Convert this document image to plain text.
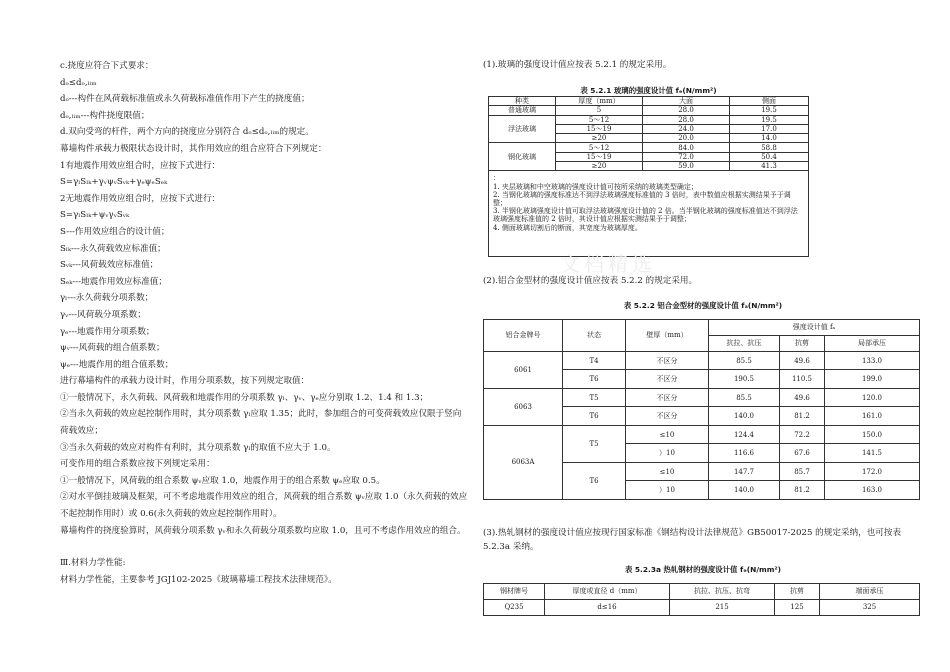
c.挠度应符合下式要求：
dₒ≤dₒ,ₗᵢₘ
dₒ---构件在风荷载标准值或永久荷载标准值作用下产生的挠度值；
dₒ,ₗᵢₘ---构件挠度限值；
d.双向受弯的杆件，两个方向的挠度应分别符合 dₒ≤dₒ,ₗᵢₘ的规定。
幕墙构件承载力极限状态设计时，其作用效应的组合应符合下列规定：
1有地震作用效应组合时，应按下式进行：
S=γₗSₗₖ+γᵥψᵥSᵥₖ+γₑψₑSₑₖ
2无地震作用效应组合时，应按下式进行：
S=γₗSₗₖ+ψᵥγᵥSᵥₖ
S---作用效应组合的设计值；
Sₗₖ---永久荷载效应标准值；
Sᵥₖ---风荷载效应标准值；
Sₑₖ---地震作用效应标准值；
γₗ---永久荷载分项系数；
γᵥ---风荷载分项系数；
γₑ---地震作用分项系数；
ψᵥ---风荷载的组合值系数；
ψₑ---地震作用的组合值系数；
进行幕墙构件的承载力设计时，作用分项系数，按下列规定取值：
①一般情况下，永久荷载、风荷载和地震作用的分项系数 γₗ、γᵥ、γₑ应分别取 1.2、1.4 和 1.3；
②当永久荷载的效应起控制作用时，其分项系数 γₗ应取 1.35；此时，参加组合的可变荷载效应仅限于竖向荷载效应；
③当永久荷载的效应对构件有利时，其分项系数 γₗ的取值不应大于 1.0。
可变作用的组合系数应按下列规定采用：
①一般情况下，风荷载的组合系数 ψᵥ应取 1.0，地震作用于的组合系数 ψₑ应取 0.5。
②对水平倒挂玻璃及框架，可不考虑地震作用效应的组合，风荷载的组合系数 ψᵥ应取 1.0（永久荷载的效应不起控制作用时）或 0.6(永久荷载的效应起控制作用时）。
幕墙构件的挠度验算时，风荷载分项系数 γᵥ和永久荷载分项系数均应取 1.0，且可不考虑作用效应的组合。
Ⅲ.材料力学性能:
材料力学性能，主要参考 JGJ102-2025《玻璃幕墙工程技术法律规范》。
(1).玻璃的强度设计值应按表 5.2.1 的规定采用。
表 5.2.1 玻璃的强度设计值 fₑ(N/mm²)
种类	厚度（mm）	大面	侧面
普通玻璃	5	28.0	19.5
浮法玻璃	5～12	28.0	19.5
	15～19	24.0	17.0
	≥20	20.0	14.0
钢化玻璃	5～12	84.0	58.8
	15～19	72.0	50.4
	≥20	59.0	41.3

：
1. 夹层玻璃和中空玻璃的强度设计值可按所采纳的玻璃类型确定；
2. 当钢化玻璃的强度标准达不到浮法玻璃强度标准值的 3 倍时，表中数值应根据实测结果予于调整；
3. 半钢化玻璃强度设计值可取浮法玻璃强度设计值的 2 倍。当半钢化玻璃的强度标准值达不到浮法玻璃强度标准值的 2 倍时，其设计值应根据实测结果予于调整；
4. 侧面玻璃切割后的断面，其宽度为玻璃厚度。			
(2).铝合金型材的强度设计值应按表 5.2.2 的规定采用。
表 5.2.2 铝合金型材的强度设计值 fₐ(N/mm²)
铝合金牌号	状态	壁厚（mm）	强度设计值 fₐ		
			抗拉、抗压	抗剪	局部承压
6061	T4	不区分	85.5	49.6	133.0
	T6	不区分	190.5	110.5	199.0
6063	T5	不区分	85.5	49.6	120.0
	T6	不区分	140.0	81.2	161.0
6063A	T5	≤10	124.4	72.2	150.0
		）10	116.6	67.6	141.5
	T6	≤10	147.7	85.7	172.0
		）10	140.0	81.2	163.0
(3).热轧钢材的强度设计值应按现行国家标准《钢结构设计法律规范》GB50017-2025 的规定采纳，也可按表 5.2.3a 采纳。
表 5.2.3a 热轧钢材的强度设计值 fₔ(N/mm²)
钢材牌号	厚度或直径 d（mm）	抗拉、抗压、抗弯	抗剪	端面承压
Q235	d≤16	215	125	325
文档精选
